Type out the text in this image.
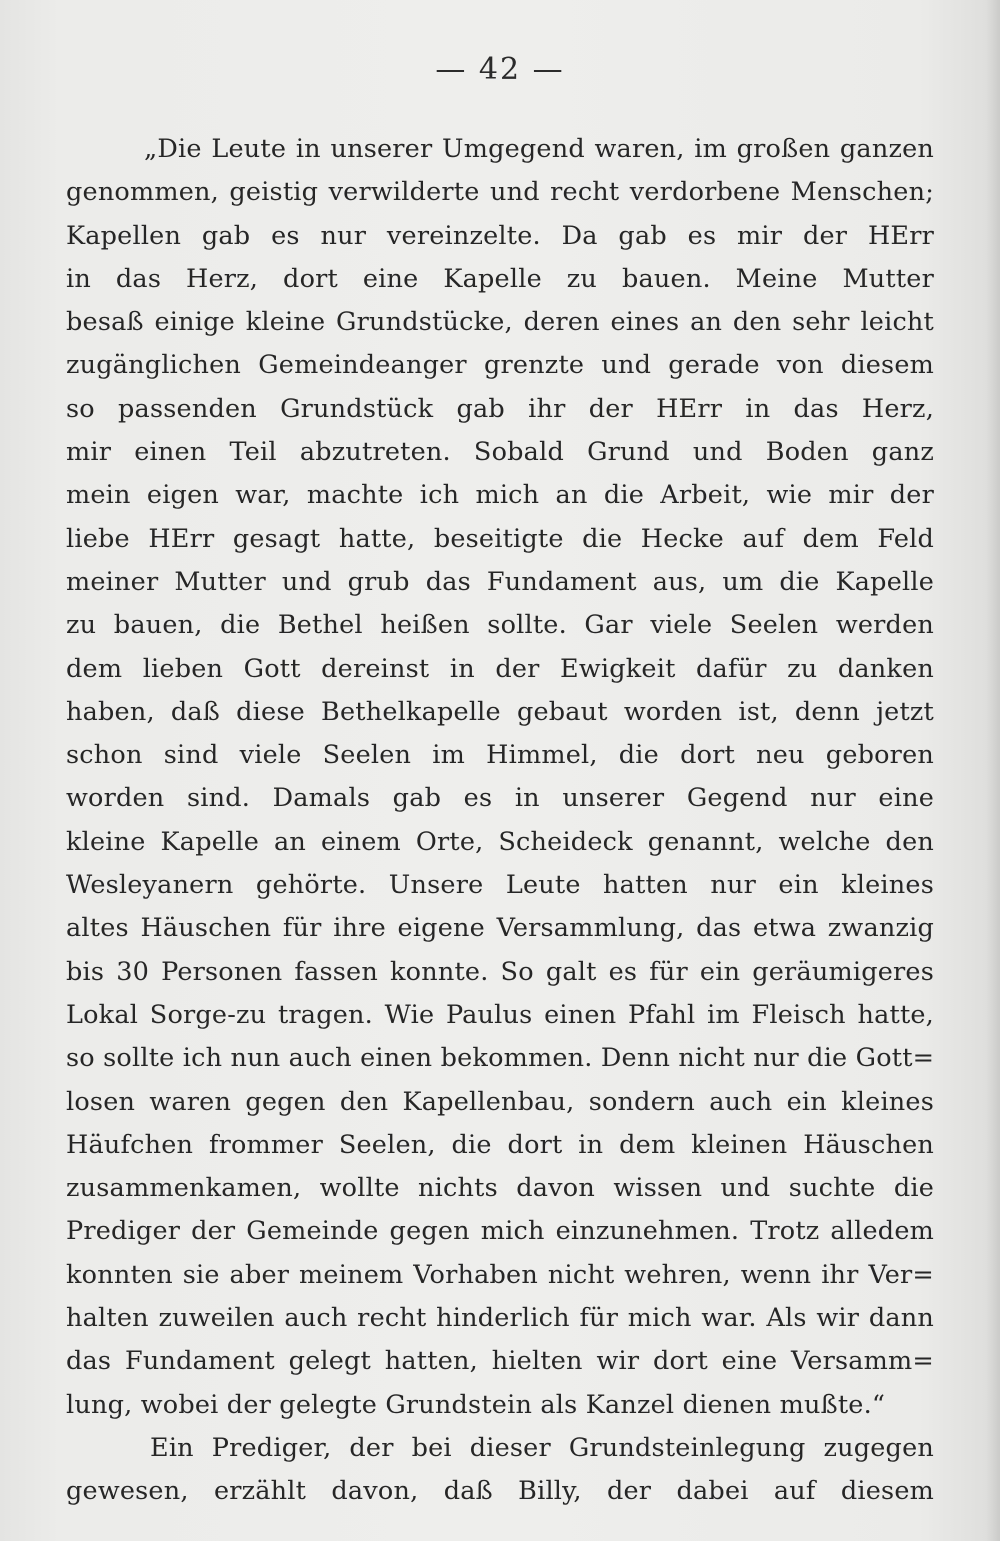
— 42 —
„Die Leute in unserer Umgegend waren, im großen ganzen
genommen, geistig verwilderte und recht verdorbene Menschen;
Kapellen gab es nur vereinzelte. Da gab es mir der HErr
in das Herz, dort eine Kapelle zu bauen. Meine Mutter
besaß einige kleine Grundstücke, deren eines an den sehr leicht
zugänglichen Gemeindeanger grenzte und gerade von diesem
so passenden Grundstück gab ihr der HErr in das Herz,
mir einen Teil abzutreten. Sobald Grund und Boden ganz
mein eigen war, machte ich mich an die Arbeit, wie mir der
liebe HErr gesagt hatte, beseitigte die Hecke auf dem Feld
meiner Mutter und grub das Fundament aus, um die Kapelle
zu bauen, die Bethel heißen sollte. Gar viele Seelen werden
dem lieben Gott dereinst in der Ewigkeit dafür zu danken
haben, daß diese Bethelkapelle gebaut worden ist, denn jetzt
schon sind viele Seelen im Himmel, die dort neu geboren
worden sind. Damals gab es in unserer Gegend nur eine
kleine Kapelle an einem Orte, Scheideck genannt, welche den
Wesleyanern gehörte. Unsere Leute hatten nur ein kleines
altes Häuschen für ihre eigene Versammlung, das etwa zwanzig
bis 30 Personen fassen konnte. So galt es für ein geräumigeres
Lokal Sorge-zu tragen. Wie Paulus einen Pfahl im Fleisch hatte,
so sollte ich nun auch einen bekommen. Denn nicht nur die Gott=
losen waren gegen den Kapellenbau, sondern auch ein kleines
Häufchen frommer Seelen, die dort in dem kleinen Häuschen
zusammenkamen, wollte nichts davon wissen und suchte die
Prediger der Gemeinde gegen mich einzunehmen. Trotz alledem
konnten sie aber meinem Vorhaben nicht wehren, wenn ihr Ver=
halten zuweilen auch recht hinderlich für mich war. Als wir dann
das Fundament gelegt hatten, hielten wir dort eine Versamm=
lung, wobei der gelegte Grundstein als Kanzel dienen mußte.“
Ein Prediger, der bei dieser Grundsteinlegung zugegen
gewesen, erzählt davon, daß Billy, der dabei auf diesem
